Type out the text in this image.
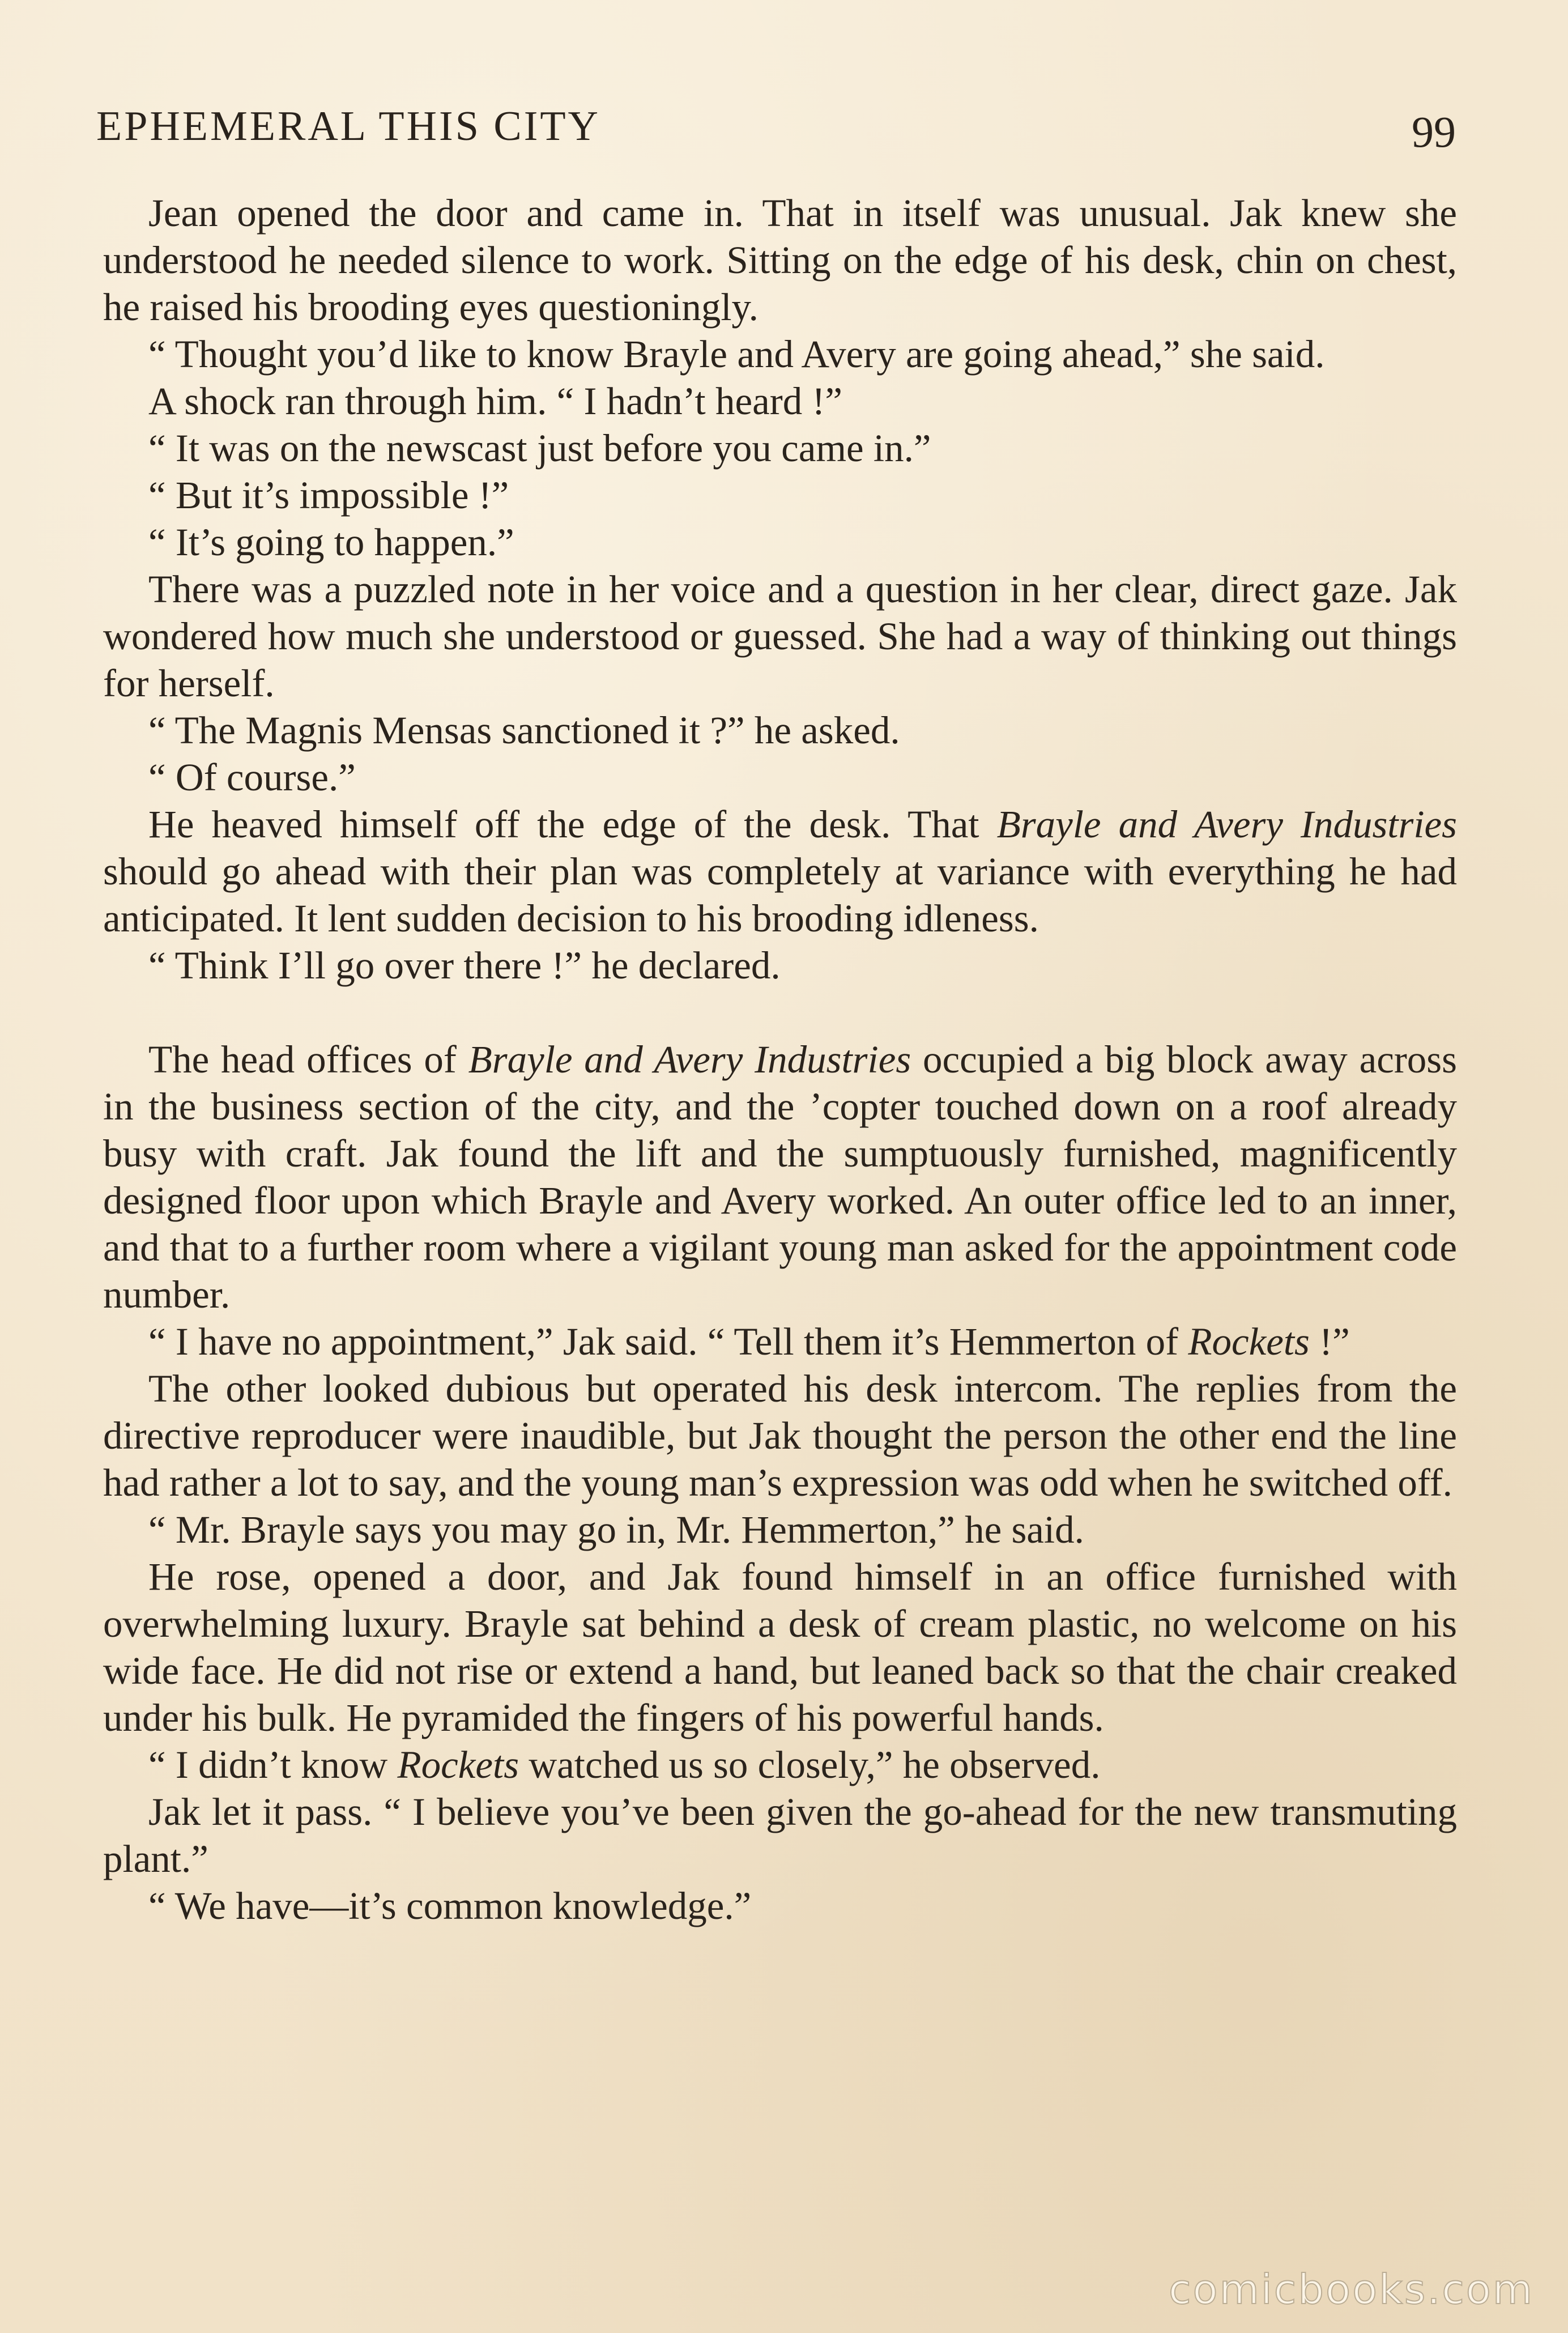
EPHEMERAL THIS CITY	99

Jean opened the door and came in. That in itself was unusual. Jak knew she understood he needed silence to work. Sitting on the edge of his desk, chin on chest, he raised his brooding eyes questioningly.

“ Thought you’d like to know Brayle and Avery are going ahead,” she said.

A shock ran through him. “ I hadn’t heard !”

“ It was on the newscast just before you came in.”

“ But it’s impossible !”

“ It’s going to happen.”

There was a puzzled note in her voice and a question in her clear, direct gaze. Jak wondered how much she understood or guessed. She had a way of thinking out things for herself.

“ The Magnis Mensas sanctioned it ?” he asked.

“ Of course.”

He heaved himself off the edge of the desk. That Brayle and Avery Industries should go ahead with their plan was completely at variance with everything he had anticipated. It lent sudden decision to his brooding idleness.

“ Think I’ll go over there !” he declared.

The head offices of Brayle and Avery Industries occupied a big block away across in the business section of the city, and the ’copter touched down on a roof already busy with craft. Jak found the lift and the sumptuously furnished, magnificently designed floor upon which Brayle and Avery worked. An outer office led to an inner, and that to a further room where a vigilant young man asked for the appointment code number.

“ I have no appointment,” Jak said. “ Tell them it’s Hemmerton of Rockets !”

The other looked dubious but operated his desk intercom. The replies from the directive reproducer were inaudible, but Jak thought the person the other end the line had rather a lot to say, and the young man’s expression was odd when he switched off.

“ Mr. Brayle says you may go in, Mr. Hemmerton,” he said.

He rose, opened a door, and Jak found himself in an office furnished with overwhelming luxury. Brayle sat behind a desk of cream plastic, no welcome on his wide face. He did not rise or extend a hand, but leaned back so that the chair creaked under his bulk. He pyramided the fingers of his powerful hands.

“ I didn’t know Rockets watched us so closely,” he observed.

Jak let it pass. “ I believe you’ve been given the go-ahead for the new transmuting plant.”

“ We have—it’s common knowledge.”

comicbooks.com
